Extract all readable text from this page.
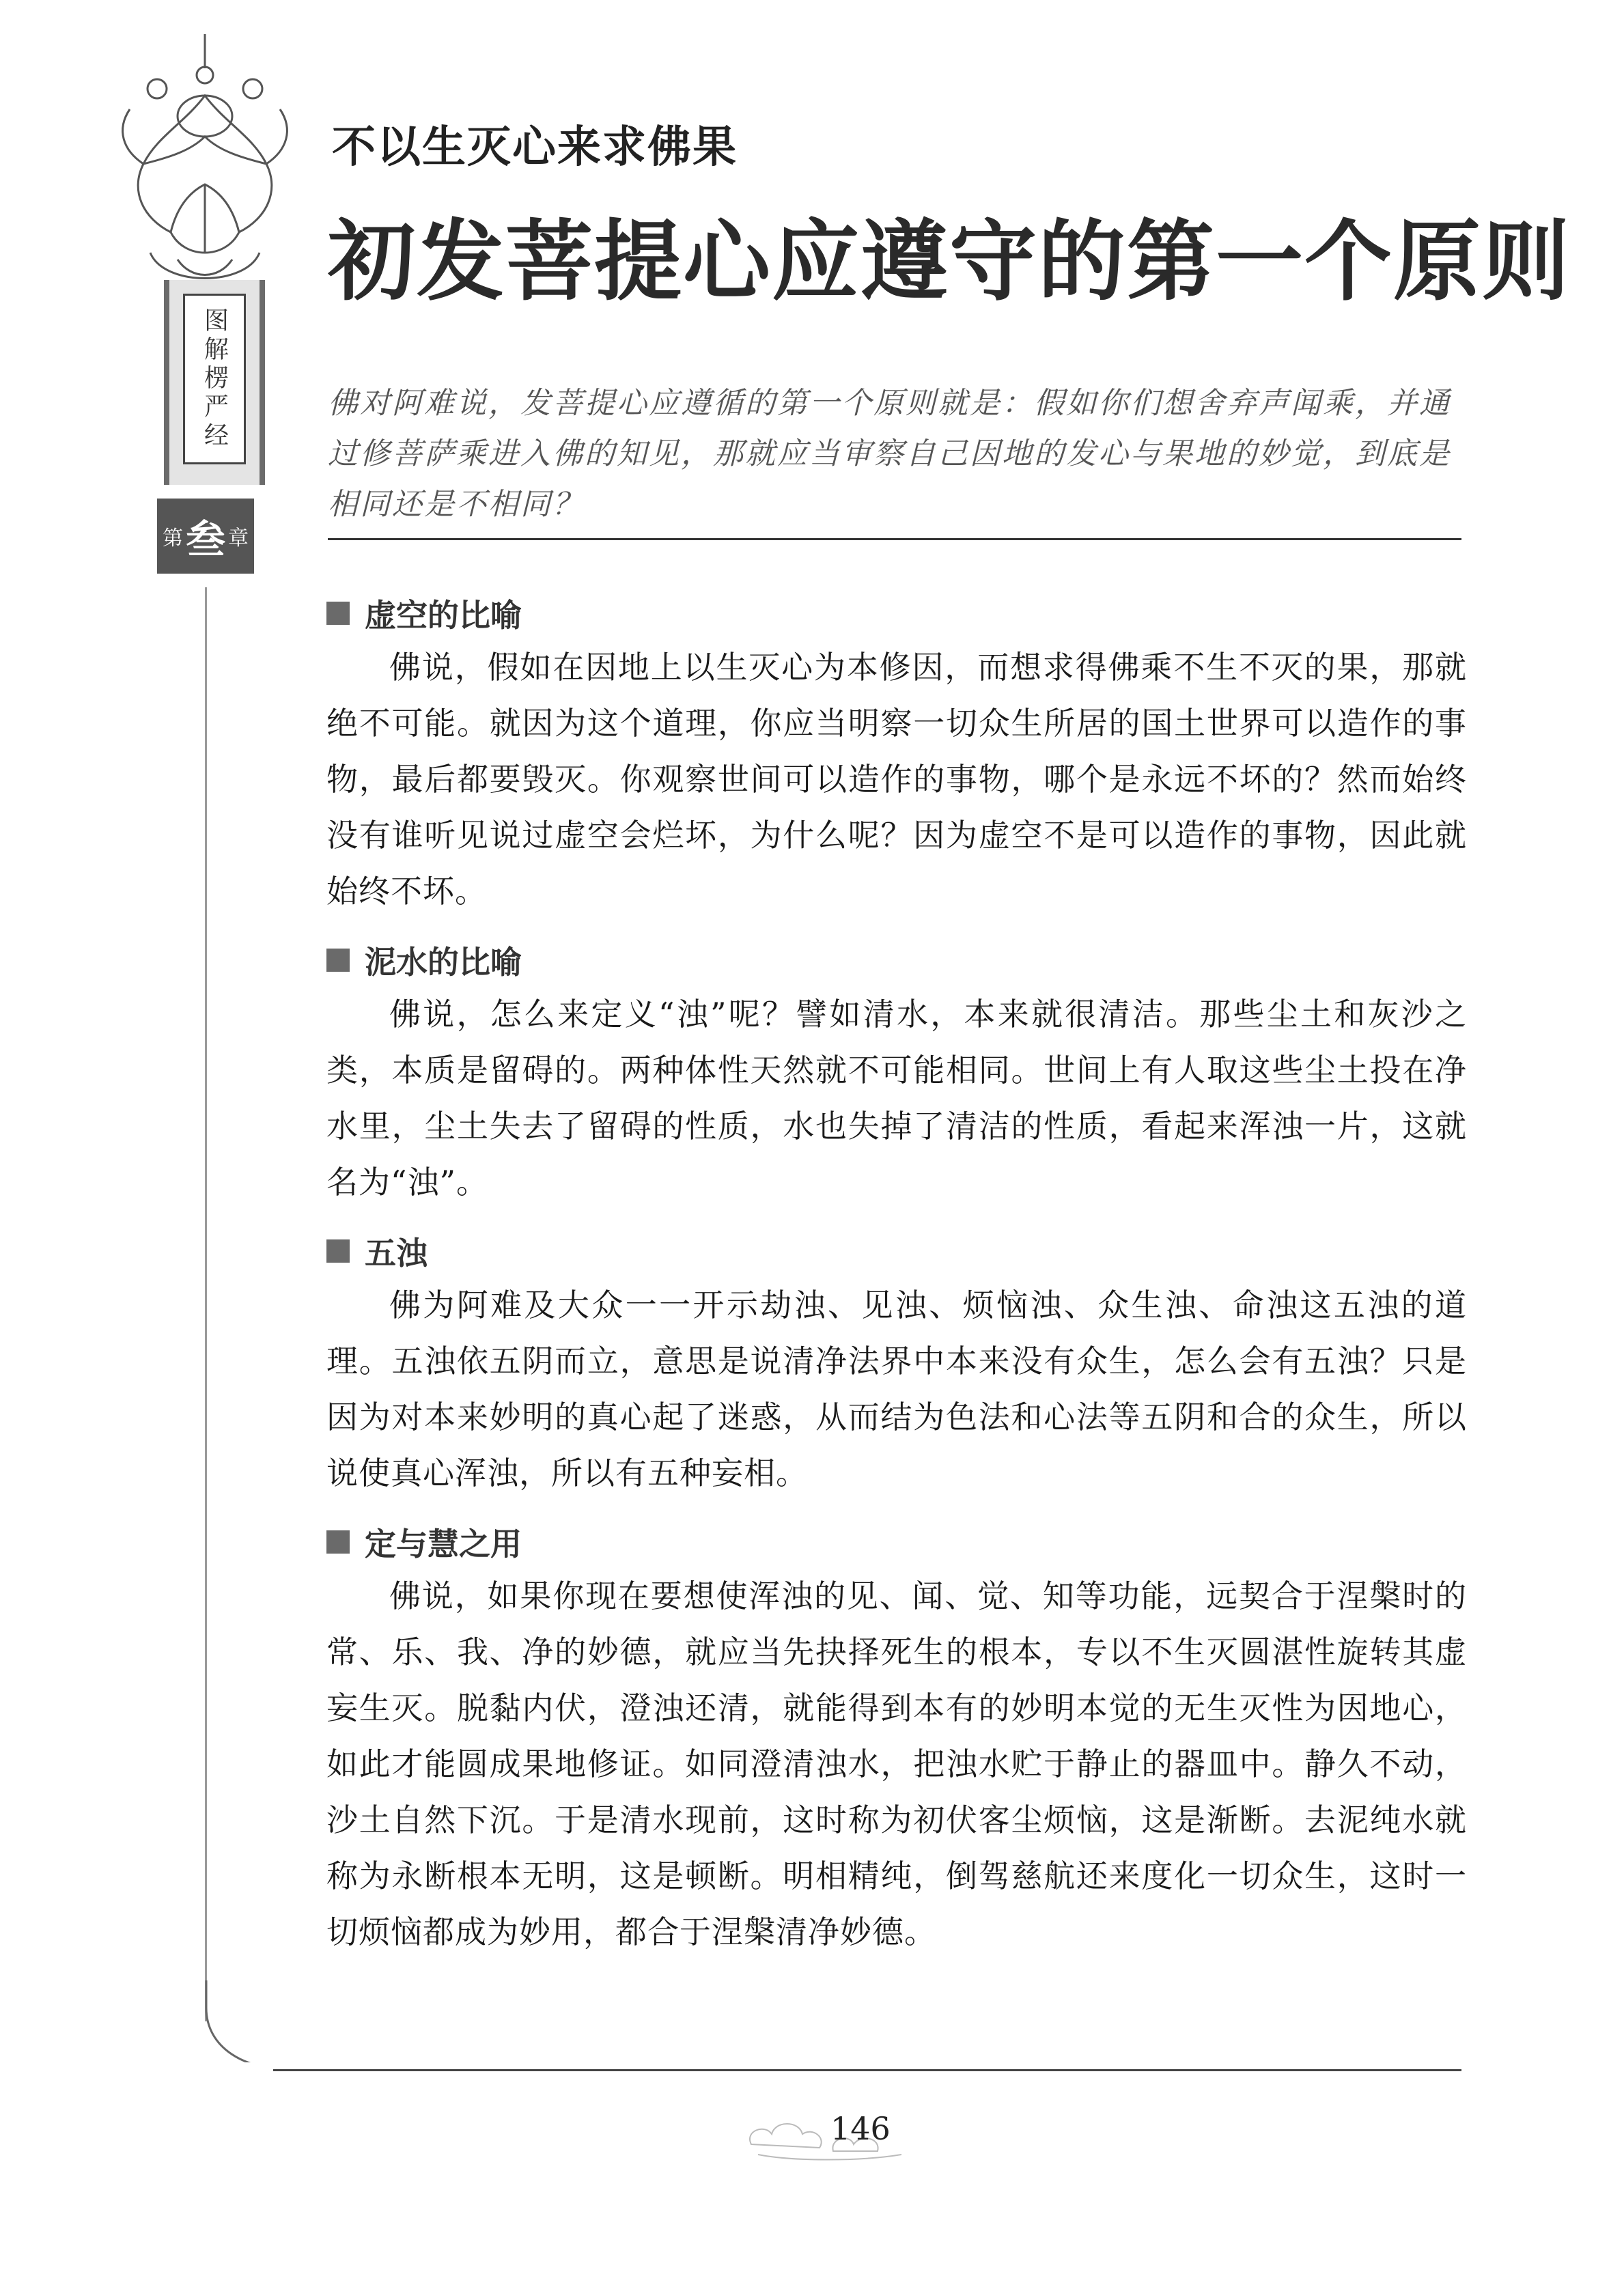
图解楞严经
第 叁 章
不以生灭心来求佛果
初发菩提心应遵守的第一个原则

佛对阿难说，发菩提心应遵循的第一个原则就是：假如你们想舍弃声闻乘，并通过修菩萨乘进入佛的知见，那就应当审察自己因地的发心与果地的妙觉，到底是相同还是不相同？

虚空的比喻

佛说，假如在因地上以生灭心为本修因，而想求得佛乘不生不灭的果，那就绝不可能。就因为这个道理，你应当明察一切众生所居的国土世界可以造作的事物，最后都要毁灭。你观察世间可以造作的事物，哪个是永远不坏的？然而始终没有谁听见说过虚空会烂坏，为什么呢？因为虚空不是可以造作的事物，因此就始终不坏。

泥水的比喻

佛说，怎么来定义“浊”呢？譬如清水，本来就很清洁。那些尘土和灰沙之类，本质是留碍的。两种体性天然就不可能相同。世间上有人取这些尘土投在净水里，尘土失去了留碍的性质，水也失掉了清洁的性质，看起来浑浊一片，这就名为“浊”。

五浊

佛为阿难及大众一一开示劫浊、见浊、烦恼浊、众生浊、命浊这五浊的道理。五浊依五阴而立，意思是说清净法界中本来没有众生，怎么会有五浊？只是因为对本来妙明的真心起了迷惑，从而结为色法和心法等五阴和合的众生，所以说使真心浑浊，所以有五种妄相。

定与慧之用

佛说，如果你现在要想使浑浊的见、闻、觉、知等功能，远契合于涅槃时的常、乐、我、净的妙德，就应当先抉择死生的根本，专以不生灭圆湛性旋转其虚妄生灭。脱黏内伏，澄浊还清，就能得到本有的妙明本觉的无生灭性为因地心，如此才能圆成果地修证。如同澄清浊水，把浊水贮于静止的器皿中。静久不动，沙土自然下沉。于是清水现前，这时称为初伏客尘烦恼，这是渐断。去泥纯水就称为永断根本无明，这是顿断。明相精纯，倒驾慈航还来度化一切众生，这时一切烦恼都成为妙用，都合于涅槃清净妙德。

146
